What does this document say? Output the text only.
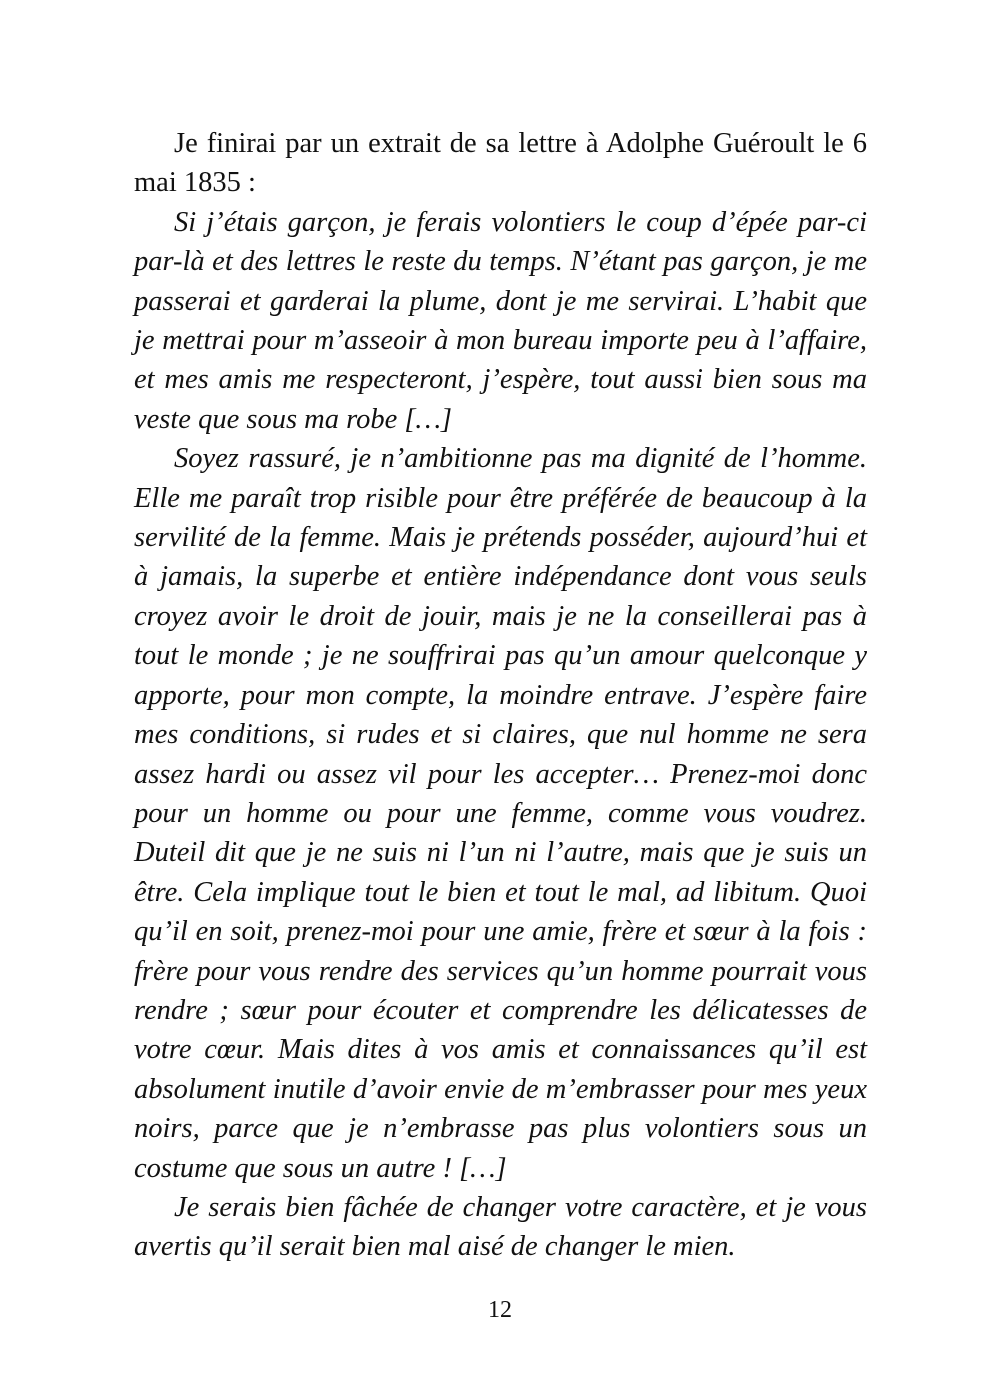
Je finirai par un extrait de sa lettre à Adolphe Guéroult le 6 mai 1835 :

Si j’étais garçon, je ferais volontiers le coup d’épée par-ci par-là et des lettres le reste du temps. N’étant pas garçon, je me passerai et garderai la plume, dont je me servirai. L’habit que je mettrai pour m’asseoir à mon bureau importe peu à l’affaire, et mes amis me respecteront, j’espère, tout aussi bien sous ma veste que sous ma robe […]

Soyez rassuré, je n’ambitionne pas ma dignité de l’homme. Elle me paraît trop risible pour être préférée de beaucoup à la servilité de la femme. Mais je prétends posséder, aujourd’hui et à jamais, la superbe et entière indépendance dont vous seuls croyez avoir le droit de jouir, mais je ne la conseillerai pas à tout le monde ; je ne souffrirai pas qu’un amour quelconque y apporte, pour mon compte, la moindre entrave. J’espère faire mes conditions, si rudes et si claires, que nul homme ne sera assez hardi ou assez vil pour les accepter… Prenez-moi donc pour un homme ou pour une femme, comme vous voudrez. Duteil dit que je ne suis ni l’un ni l’autre, mais que je suis un être. Cela implique tout le bien et tout le mal, ad libitum. Quoi qu’il en soit, prenez-moi pour une amie, frère et sœur à la fois : frère pour vous rendre des services qu’un homme pourrait vous rendre ; sœur pour écouter et comprendre les délicatesses de votre cœur. Mais dites à vos amis et connaissances qu’il est absolument inutile d’avoir envie de m’embrasser pour mes yeux noirs, parce que je n’embrasse pas plus volontiers sous un costume que sous un autre ! […]

Je serais bien fâchée de changer votre caractère, et je vous avertis qu’il serait bien mal aisé de changer le mien.

12
